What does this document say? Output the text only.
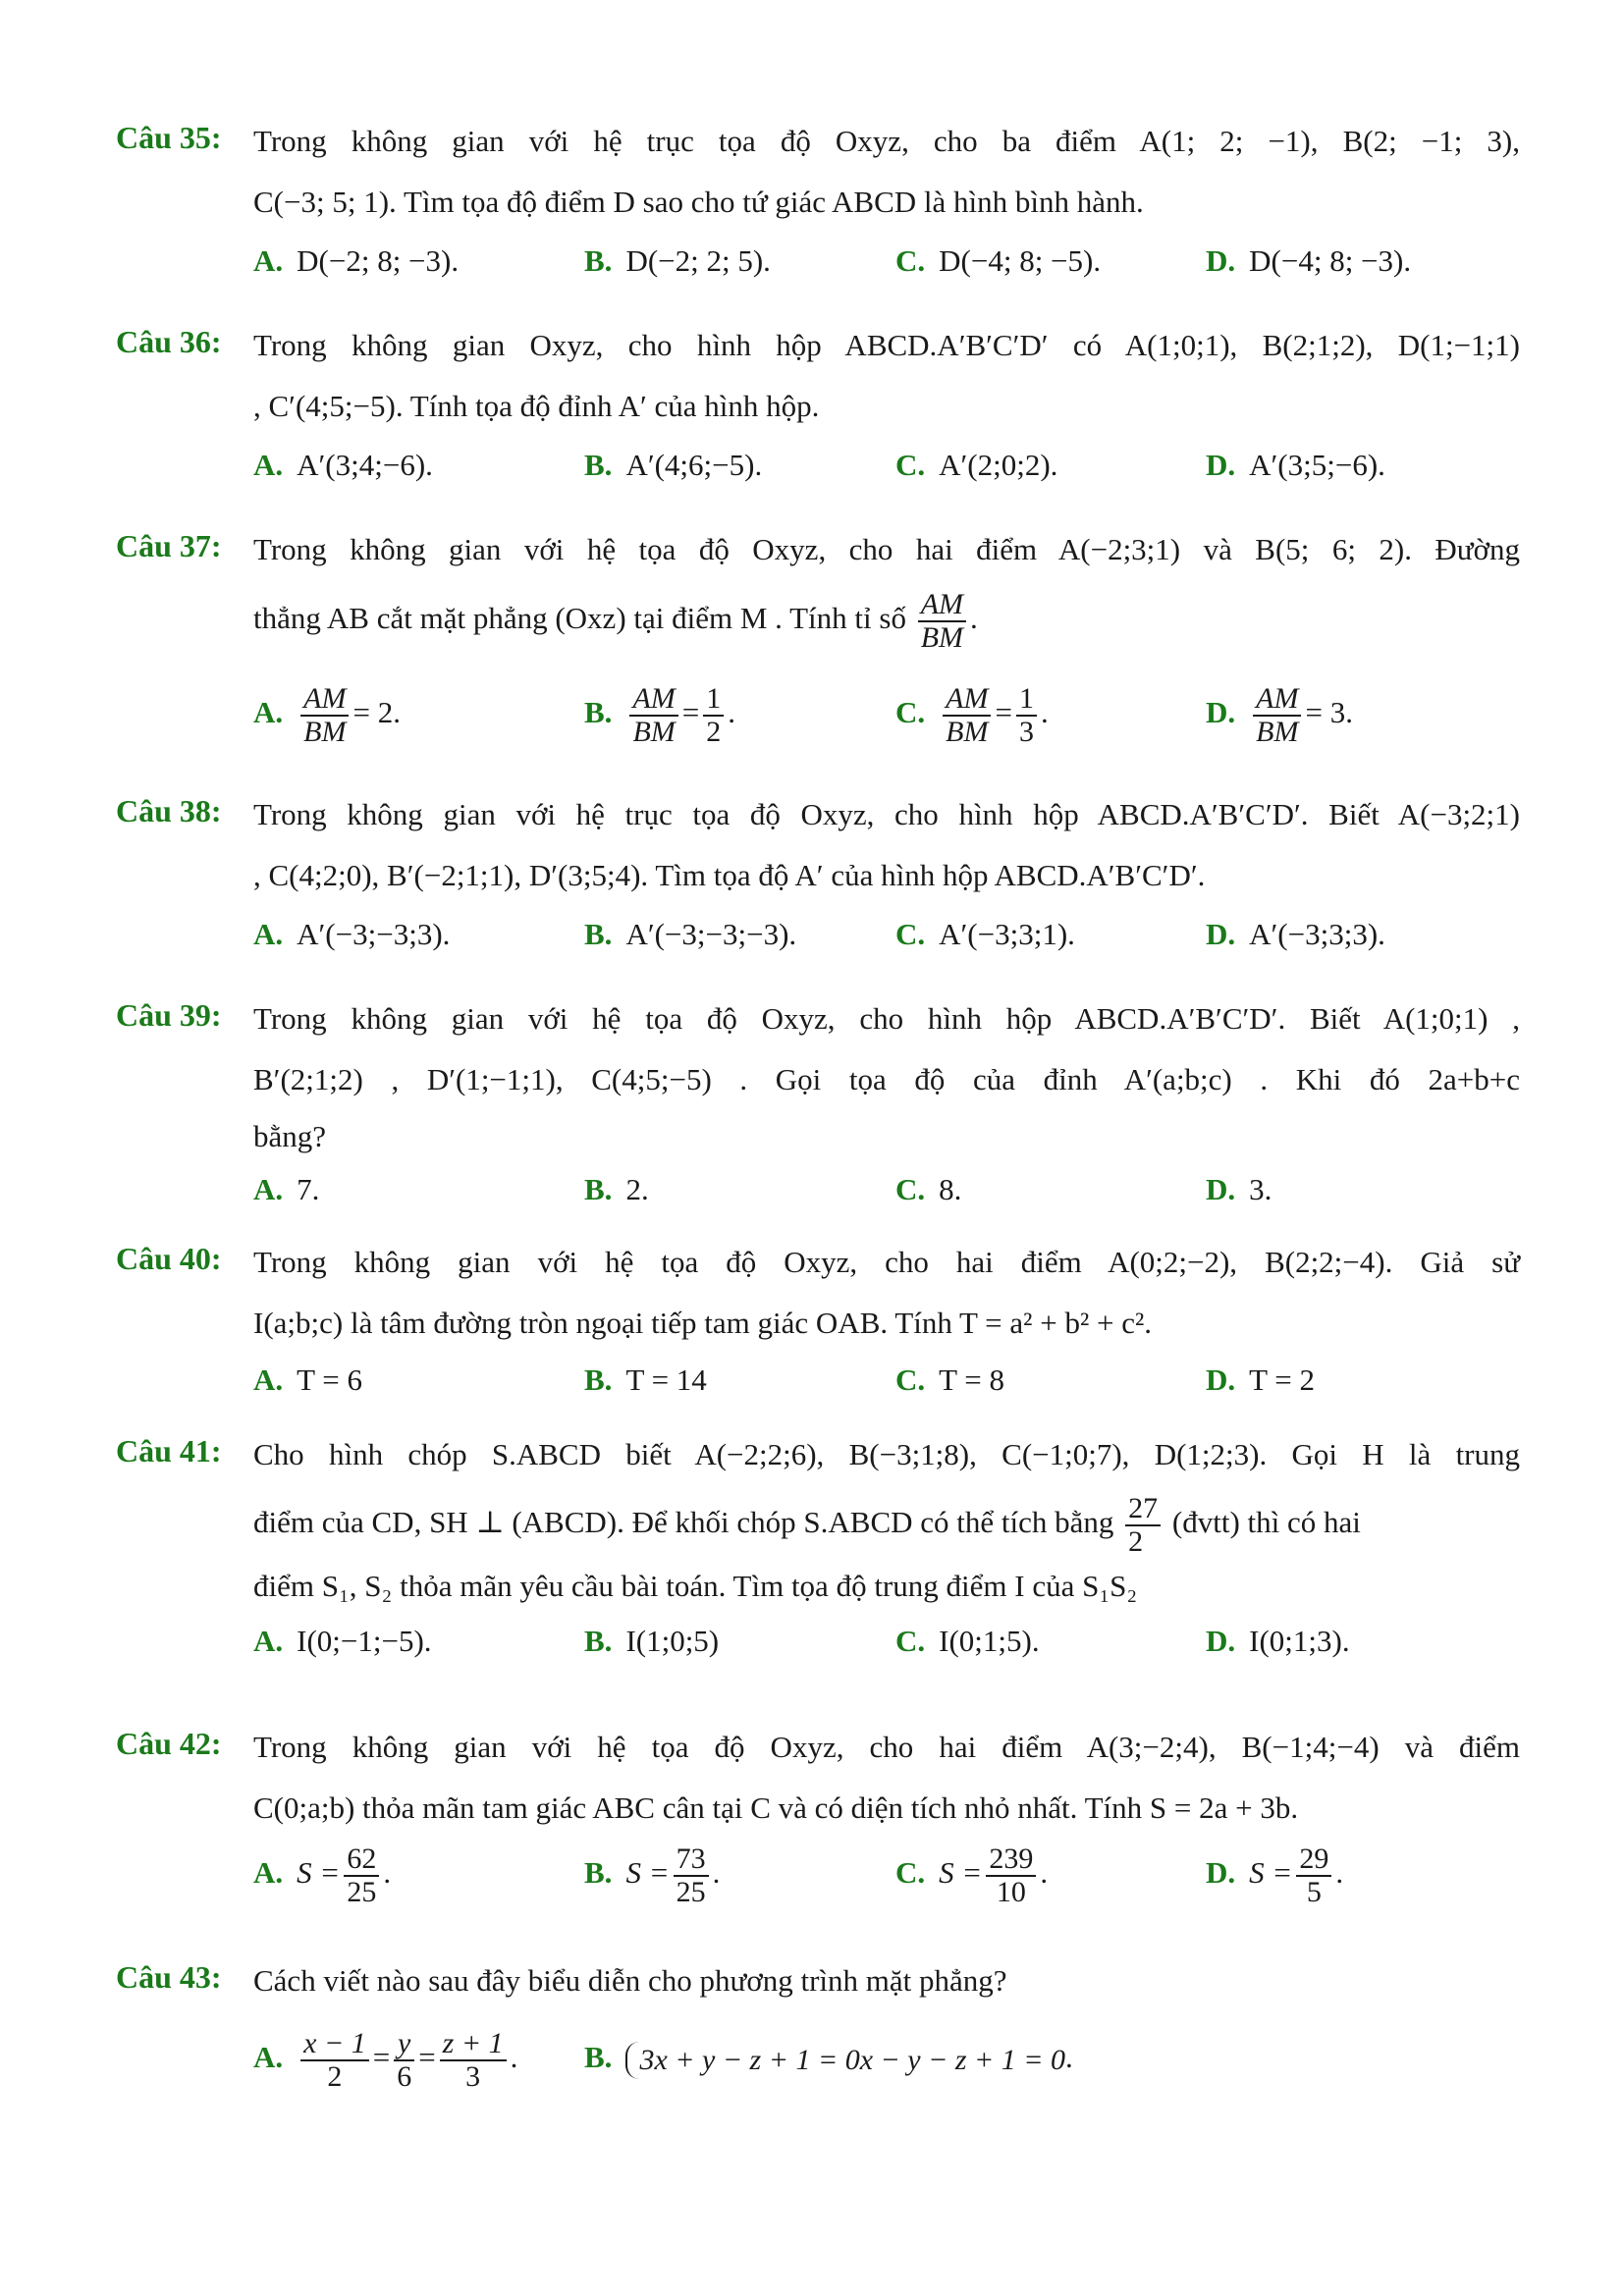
Câu 35: Trong không gian với hệ trục tọa độ Oxyz, cho ba điểm A(1; 2; −1), B(2; −1; 3),
C(−3; 5; 1). Tìm tọa độ điểm D sao cho tứ giác ABCD là hình bình hành.
A. D(−2; 8; −3).	B. D(−2; 2; 5).	C. D(−4; 8; −5).	D. D(−4; 8; −3).
Câu 36: Trong không gian Oxyz, cho hình hộp ABCD.A′B′C′D′ có A(1;0;1), B(2;1;2), D(1;−1;1)
, C′(4;5;−5). Tính tọa độ đỉnh A′ của hình hộp.
A. A′(3;4;−6).	B. A′(4;6;−5).	C. A′(2;0;2).	D. A′(3;5;−6).
Câu 37: Trong không gian với hệ tọa độ Oxyz, cho hai điểm A(−2;3;1) và B(5; 6; 2). Đường
thẳng AB cắt mặt phẳng (Oxz) tại điểm M . Tính tỉ số $\frac{AM}{BM}$ .
A. $\frac{AM}{BM} = 2$.	B. $\frac{AM}{BM} = \frac{1}{2}$ .	C. $\frac{AM}{BM} = \frac{1}{3}$ .	D. $\frac{AM}{BM} = 3$.
Câu 38: Trong không gian với hệ trục tọa độ Oxyz, cho hình hộp ABCD.A′B′C′D′. Biết A(−3;2;1)
, C(4;2;0), B′(−2;1;1), D′(3;5;4). Tìm tọa độ A′ của hình hộp ABCD.A′B′C′D′.
A. A′(−3;−3;3).	B. A′(−3;−3;−3).	C. A′(−3;3;1).	D. A′(−3;3;3).
Câu 39: Trong không gian với hệ tọa độ Oxyz, cho hình hộp ABCD.A′B′C′D′. Biết A(1;0;1) ,
B′(2;1;2) , D′(1;−1;1), C(4;5;−5) . Gọi tọa độ của đỉnh A′(a;b;c) . Khi đó 2a+b+c
bằng?
A. 7.	B. 2.	C. 8.	D. 3.
Câu 40: Trong không gian với hệ tọa độ Oxyz, cho hai điểm A(0;2;−2), B(2;2;−4). Giả sử
I(a;b;c) là tâm đường tròn ngoại tiếp tam giác OAB. Tính T = a² + b² + c².
A. T = 6	B. T = 14	C. T = 8	D. T = 2
Câu 41: Cho hình chóp S.ABCD biết A(−2;2;6), B(−3;1;8), C(−1;0;7), D(1;2;3). Gọi H là trung
điểm của CD, SH ⊥ (ABCD). Để khối chóp S.ABCD có thể tích bằng $\frac{27}{2}$ (đvtt) thì có hai
điểm S₁, S₂ thỏa mãn yêu cầu bài toán. Tìm tọa độ trung điểm I của S₁S₂
A. I(0;−1;−5).	B. I(1;0;5)	C. I(0;1;5).	D. I(0;1;3).
Câu 42: Trong không gian với hệ tọa độ Oxyz, cho hai điểm A(3;−2;4), B(−1;4;−4) và điểm
C(0;a;b) thỏa mãn tam giác ABC cân tại C và có diện tích nhỏ nhất. Tính S = 2a + 3b.
A. $S = \frac{62}{25}$ .	B. $S = \frac{73}{25}$ .	C. $S = \frac{239}{10}$ .	D. $S = \frac{29}{5}$ .
Câu 43: Cách viết nào sau đây biểu diễn cho phương trình mặt phẳng?
A. $\frac{x - 1}{2} = \frac{y}{6} = \frac{z + 1}{3}$ . B. 3x + y − z + 1 = 0x − y − z + 1 = 0.
